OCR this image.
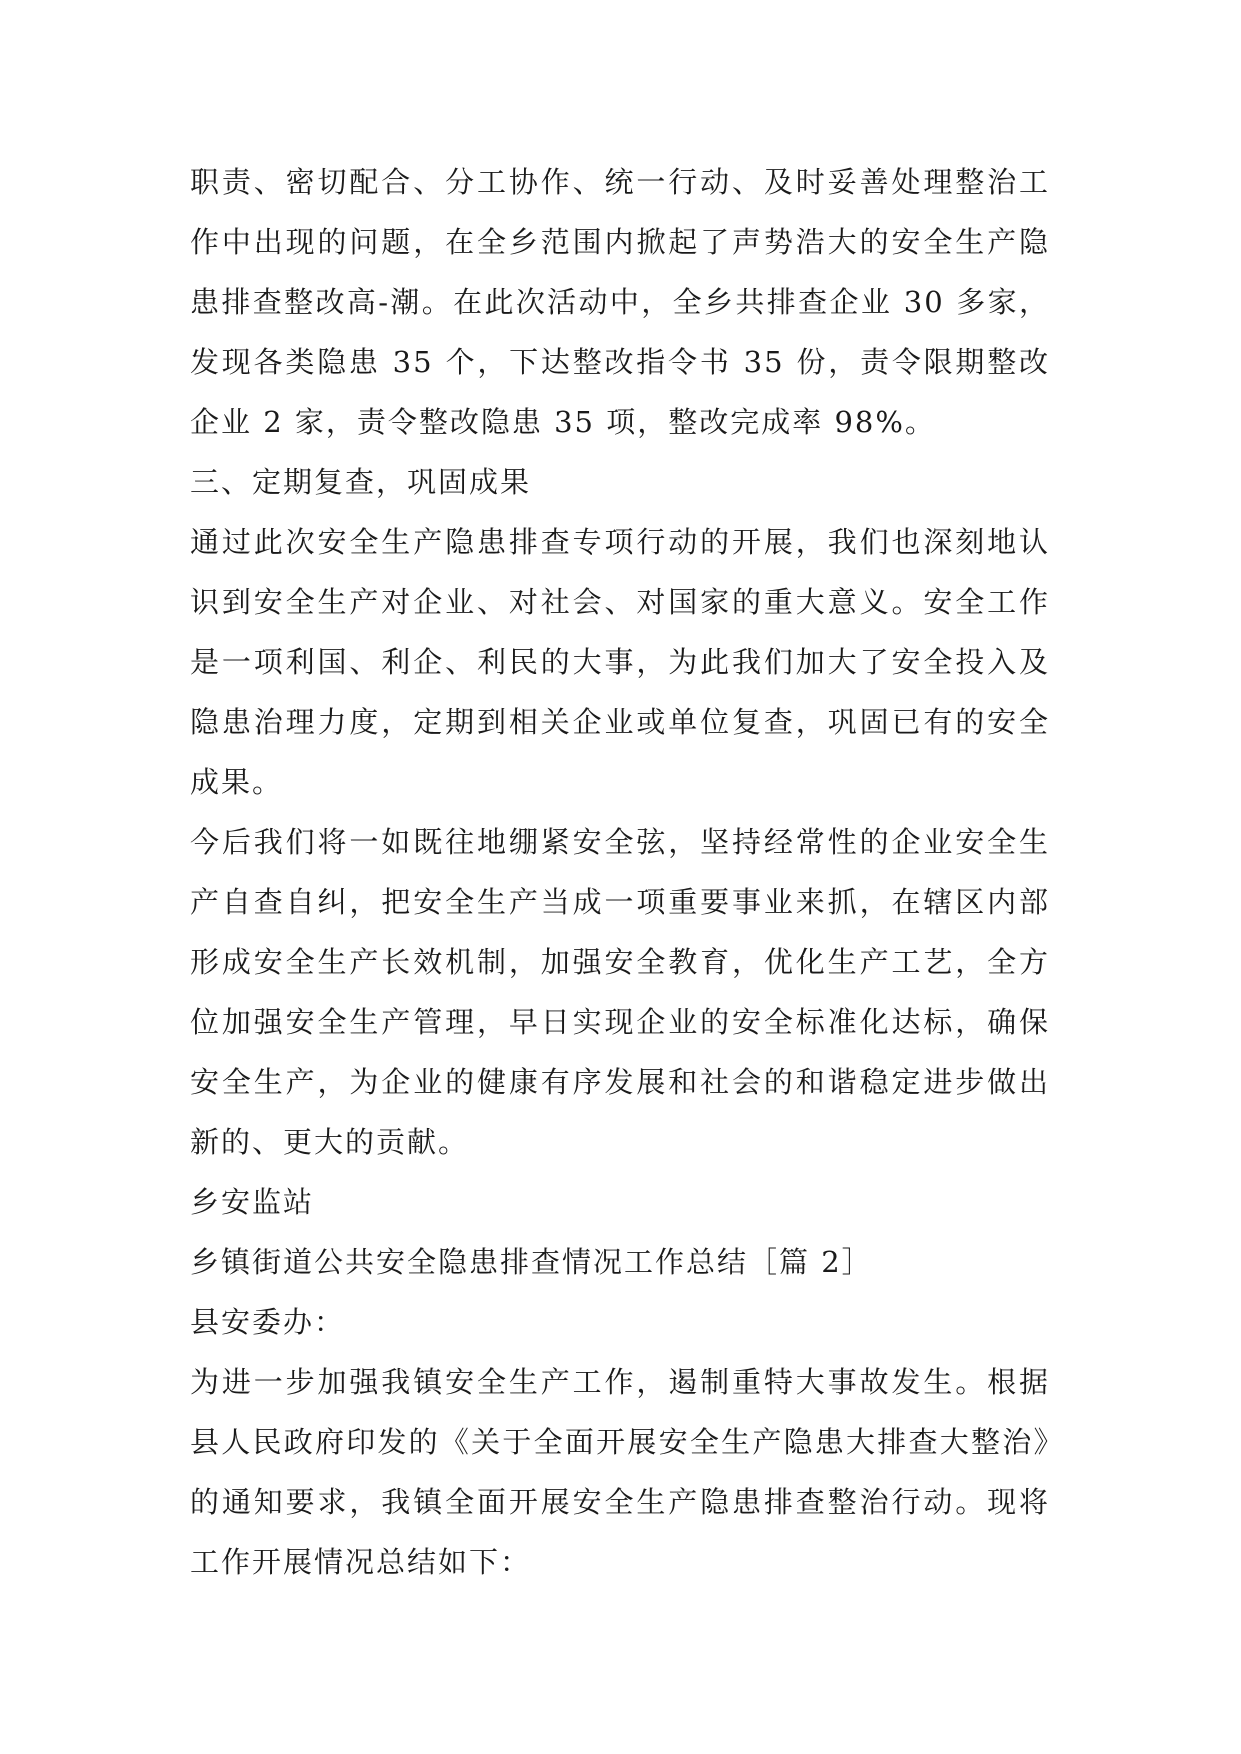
职责、密切配合、分工协作、统一行动、及时妥善处理整治工作中出现的问题，在全乡范围内掀起了声势浩大的安全生产隐患排查整改高-潮。在此次活动中，全乡共排查企业 30 多家，发现各类隐患 35 个，下达整改指令书 35 份，责令限期整改企业 2 家，责令整改隐患 35 项，整改完成率 98%。

三、定期复查，巩固成果

通过此次安全生产隐患排查专项行动的开展，我们也深刻地认识到安全生产对企业、对社会、对国家的重大意义。安全工作是一项利国、利企、利民的大事，为此我们加大了安全投入及隐患治理力度，定期到相关企业或单位复查，巩固已有的安全成果。

今后我们将一如既往地绷紧安全弦，坚持经常性的企业安全生产自查自纠，把安全生产当成一项重要事业来抓，在辖区内部形成安全生产长效机制，加强安全教育，优化生产工艺，全方位加强安全生产管理，早日实现企业的安全标准化达标，确保安全生产，为企业的健康有序发展和社会的和谐稳定进步做出新的、更大的贡献。

乡安监站

乡镇街道公共安全隐患排查情况工作总结［篇 2］

县安委办：

为进一步加强我镇安全生产工作，遏制重特大事故发生。根据县人民政府印发的《关于全面开展安全生产隐患大排查大整治》的通知要求，我镇全面开展安全生产隐患排查整治行动。现将工作开展情况总结如下：
